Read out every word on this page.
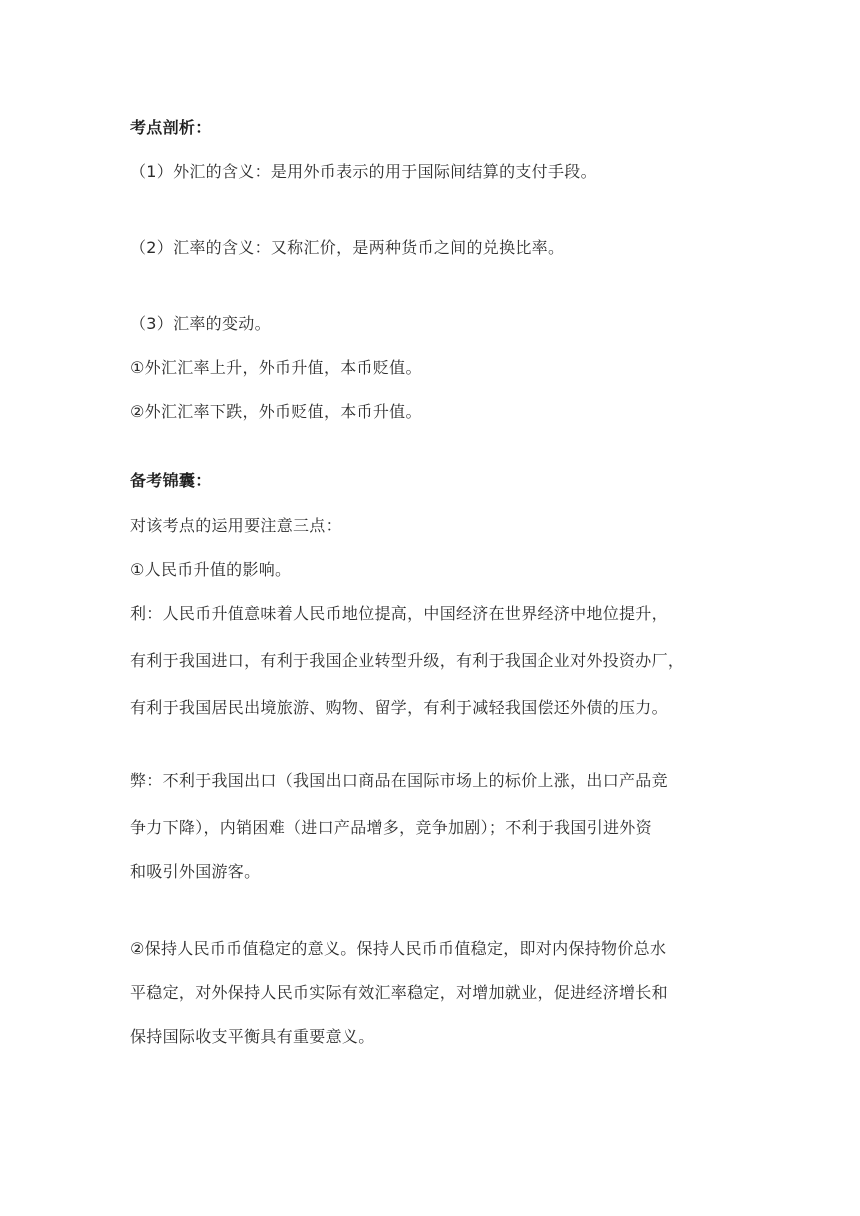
考点剖析：
（1）外汇的含义：是用外币表示的用于国际间结算的支付手段。
（2）汇率的含义：又称汇价，是两种货币之间的兑换比率。
（3）汇率的变动。
①外汇汇率上升，外币升值，本币贬值。
②外汇汇率下跌，外币贬值，本币升值。
备考锦囊：
对该考点的运用要注意三点：
①人民币升值的影响。
利：人民币升值意味着人民币地位提高，中国经济在世界经济中地位提升，
有利于我国进口，有利于我国企业转型升级，有利于我国企业对外投资办厂，
有利于我国居民出境旅游、购物、留学，有利于减轻我国偿还外债的压力。
弊：不利于我国出口（我国出口商品在国际市场上的标价上涨，出口产品竞
争力下降），内销困难（进口产品增多，竞争加剧）；不利于我国引进外资
和吸引外国游客。
②保持人民币币值稳定的意义。保持人民币币值稳定，即对内保持物价总水
平稳定，对外保持人民币实际有效汇率稳定，对增加就业，促进经济增长和
保持国际收支平衡具有重要意义。
